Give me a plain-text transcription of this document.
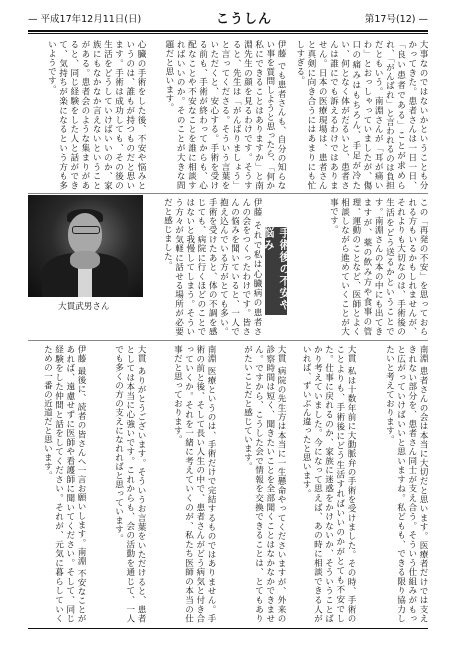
— 平成17年12月11日(日)	こうしん	第17号(12) —

大事なのではないかということも分かってきた。患者さんは一日一日、「良い患者である」ことが求められ、「がんばれ」と言われるのは負担だともいう。南淵さんが「耳が痛いわ」とおっしゃっていましたが、傷口の痛みはもちろん、手足が冷たい、何となく体がだるいと、患者さんは誰にでも訴えるわけではありません。日本の医療現場は、患者さんと真剣に向き合うにはあまりにも忙しすぎる。

伊藤 でも患者さんも、自分の知らない事を質問しようと思ったら、「何か私にできることはありますか」と南淵先生の顔を見るわけです。そうすると、先生は「がんばりましょう」と言ってくださる。そういう言葉をいただくと、安心する。手術を受ける前も、手術が終わってからも、心配なことや不安なことを誰に相談すればいいのか。そのことが大きな問題だと思います。

心臓の手術をした後、不安や悩みというのは、誰もが持つものだと思います。手術は成功しても、その後の生活をどうしていけばいいのか、家族にもなかなか言えないということがある。患者会のような集まりがあると、同じ経験をした人と話ができて、気持ちが楽になるという方も多いようです。

この「再発の不安」を思っておられる方もいるかもしれませんが、それよりも大切なのは、手術後の生活をどう送るかということです。南淵さんの本の中にも出てきますが、薬の飲み方や食事の管理、運動のことなど、医師とよく相談しながら進めていくことが大事です。

手術後の不安や悩み

伊藤 それで私は心臓病の患者さんの会をつくったわけです。皆さんの悩みを聞いていると、一人で抱え込んでいる方がとても多い。手術を受けたあと、体の不調を感じても、病院に行くほどのことではないと我慢してしまう。そういう方々が気軽に話せる場所が必要だと感じました。

大貫武男さん

南淵 患者さんの会は本当に大切だと思います。医療者だけでは支えきれない部分を、患者さん同士が支え合う。そういう仕組みがもっと広がっていけばいいと思いますね。私どもも、できる限り協力したいと考えております。

大貫 私は十数年前に大動脈弁の手術を受けました。その時、手術のことよりも、手術後にどう生活すればいいのかがとても不安でした。仕事に戻れるのか、家族に迷惑をかけないか、そういうことばかり考えていました。今になって思えば、あの時に相談できる人がいれば、ずいぶん違ったと思います。

大貫 病院の先生方は本当に一生懸命やってくださいますが、外来の診察時間は短く、聞きたいことを全部聞くことはなかなかできません。ですから、こうした会で情報を交換できることは、とてもありがたいことだと感じています。

南淵 医療というのは、手術だけで完結するものではありません。手術の前と後、そして長い人生の中で、患者さんがどう病気と付き合っていくか。それを一緒に考えていくのが、私たち医師の本当の仕事だと思っております。

大貫 ありがとうございます。そういうお言葉をいただけると、患者としては本当に心強いです。これからも、会の活動を通じて、一人でも多くの方の支えになれればと思っています。

伊藤 最後に、読者の皆さんへ一言お願いします。南淵 不安なことがあれば、遠慮せずに医師や看護師に聞いてください。そして、同じ経験をした仲間と話をしてください。それが、元気に暮らしていくための一番の近道だと思います。
